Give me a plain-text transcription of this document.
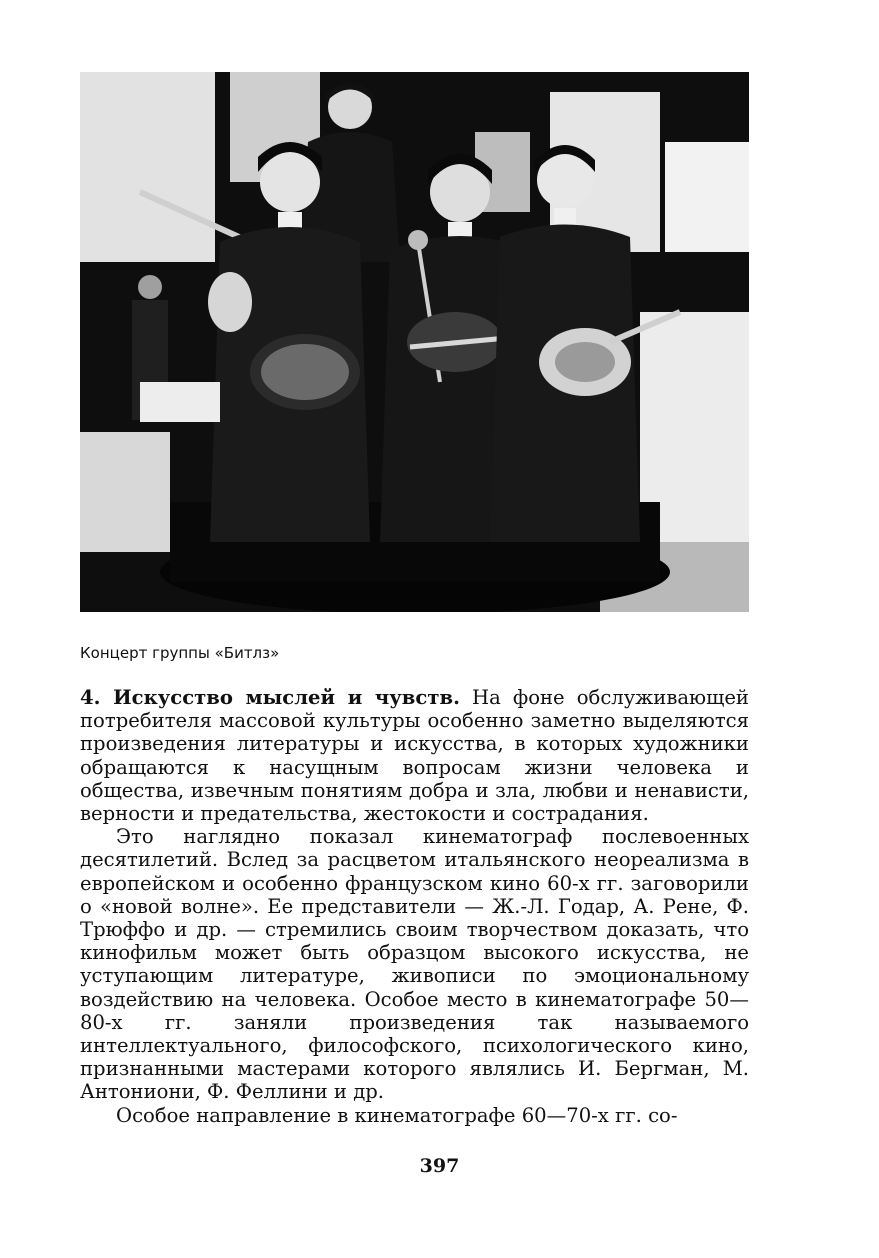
Концерт группы «Битлз»

4. Искусство мыслей и чувств. На фоне обслуживающей потребителя массовой культуры особенно заметно выделяются произведения литературы и искусства, в которых художники обращаются к насущным вопросам жизни человека и общества, извечным понятиям добра и зла, любви и ненависти, верности и предательства, жестокости и сострадания.

Это наглядно показал кинематограф послевоенных десятилетий. Вслед за расцветом итальянского неореализма в европейском и особенно французском кино 60-х гг. заговорили о «новой волне». Ее представители — Ж.-Л. Годар, А. Рене, Ф. Трюффо и др. — стремились своим творчеством доказать, что кинофильм может быть образцом высокого искусства, не уступающим литературе, живописи по эмоциональному воздействию на человека. Особое место в кинематографе 50—80-х гг. заняли произведения так называемого интеллектуального, философского, психологического кино, признанными мастерами которого являлись И. Бергман, М. Антониони, Ф. Феллини и др.

Особое направление в кинематографе 60—70-х гг. со-

397
